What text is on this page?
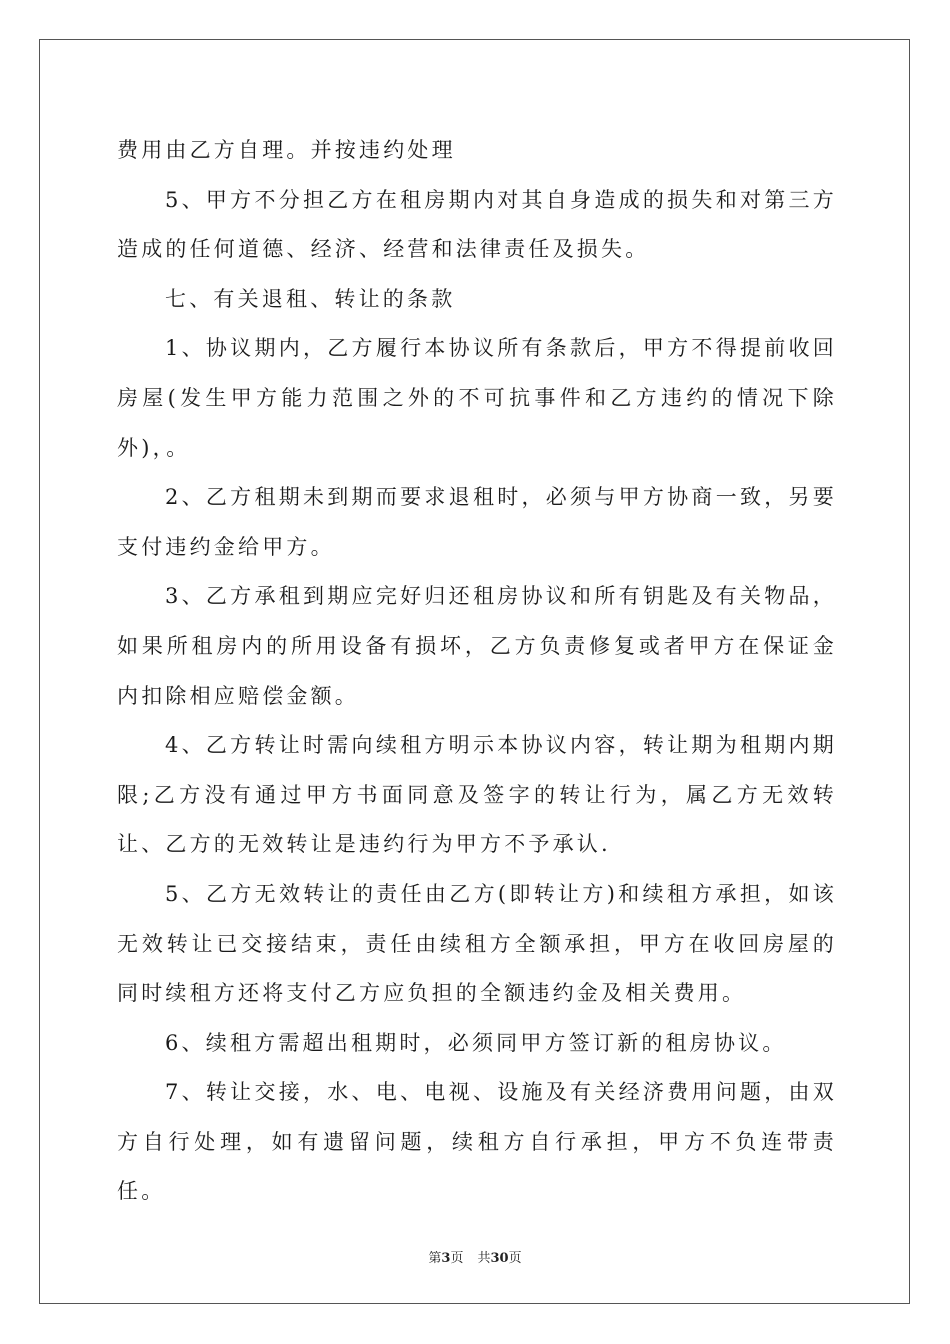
费用由乙方自理。并按违约处理

5、甲方不分担乙方在租房期内对其自身造成的损失和对第三方造成的任何道德、经济、经营和法律责任及损失。

七、有关退租、转让的条款

1、协议期内，乙方履行本协议所有条款后，甲方不得提前收回房屋(发生甲方能力范围之外的不可抗事件和乙方违约的情况下除外)，。

2、乙方租期未到期而要求退租时，必须与甲方协商一致，另要支付违约金给甲方。

3、乙方承租到期应完好归还租房协议和所有钥匙及有关物品，如果所租房内的所用设备有损坏，乙方负责修复或者甲方在保证金内扣除相应赔偿金额。

4、乙方转让时需向续租方明示本协议内容，转让期为租期内期限;乙方没有通过甲方书面同意及签字的转让行为，属乙方无效转让、乙方的无效转让是违约行为甲方不予承认.

5、乙方无效转让的责任由乙方(即转让方)和续租方承担，如该无效转让已交接结束，责任由续租方全额承担，甲方在收回房屋的同时续租方还将支付乙方应负担的全额违约金及相关费用。

6、续租方需超出租期时，必须同甲方签订新的租房协议。

7、转让交接，水、电、电视、设施及有关经济费用问题，由双方自行处理，如有遗留问题，续租方自行承担，甲方不负连带责任。

第3页 共30页
